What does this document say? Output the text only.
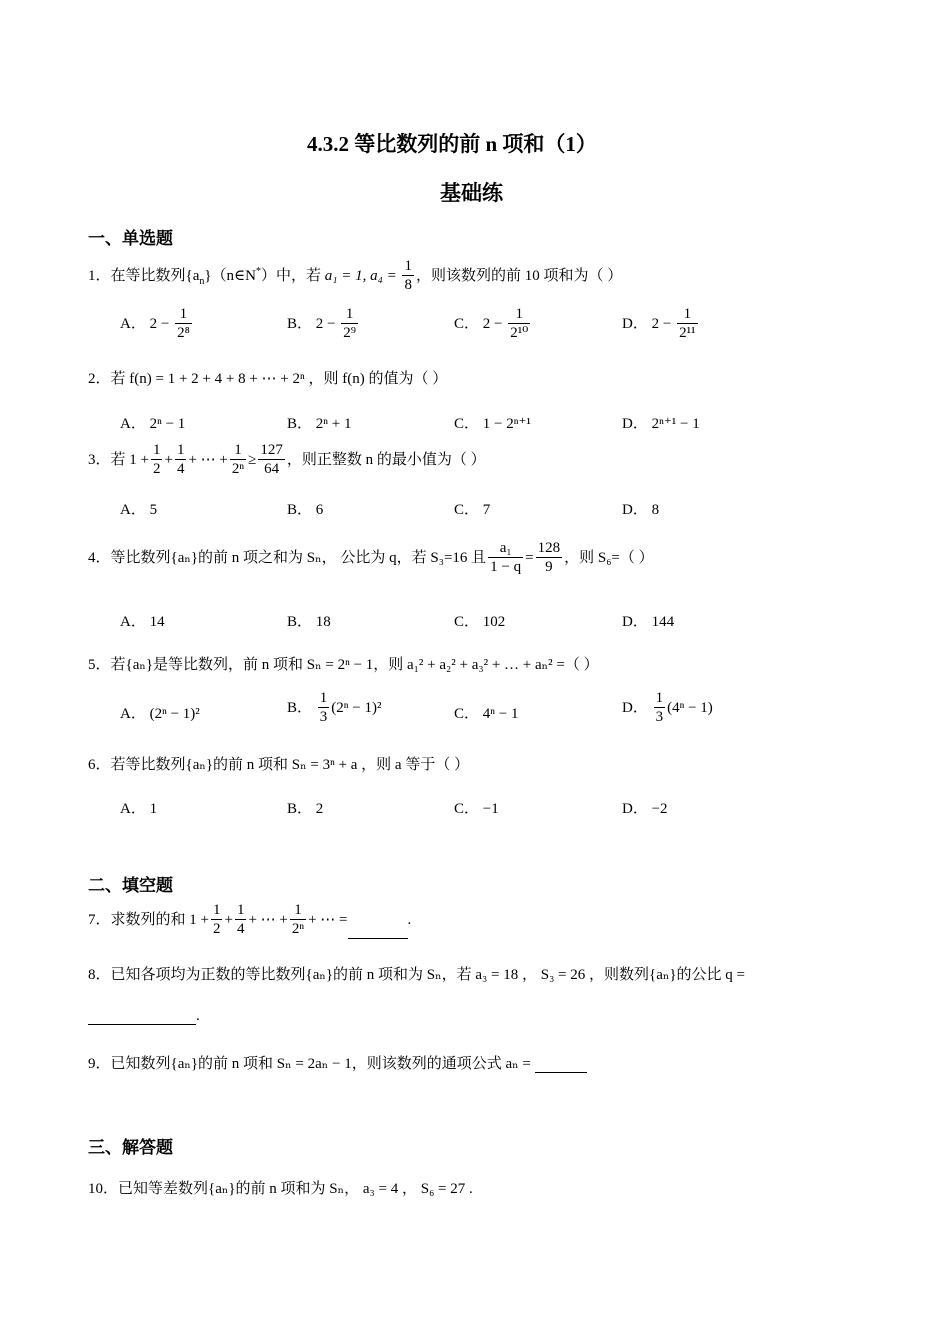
4.3.2 等比数列的前 n 项和（1）
基础练
一、单选题
1．在等比数列$\{a_n\}(n\in N^*)$中，若 a₁ = 1, $a_4 = \frac{1}{8}$ ，则该数列的前 10 项和为（ ）
A． $2 - \frac{1}{\text{2⁸}}$	B． $2 - \frac{1}{\text{2⁹}}$	C． $2 - \frac{1}{\text{2¹⁰}}$	D． $2 - \frac{1}{\text{2¹¹}}$
2．若 f(n) = 1 + 2 + 4 + 8 + ⋯ + 2ⁿ ，则 f(n) 的值为（ ）
A． 2ⁿ − 1	B． 2ⁿ + 1	C． 1 − 2ⁿ⁺¹	D． 2ⁿ⁺¹ − 1
3．若 $1 + \frac{1}{2} + \frac{1}{4}$ + ⋯ + $\frac{1}{\text{2ⁿ}} \ge \frac{127}{64}$ ，则正整数 n 的最小值为（ ）
A． 5	B． 6	C． 7	D． 8
4．等比数列{aₙ}的前 n 项之和为 Sₙ， 公比为 q，若 S₃=16 且 $\frac{\text{a₁}}{1 - q} = \frac{128}{9}$ ，则 S₆=（ ）
A． 14	B． 18	C． 102	D． 144
5．若{aₙ}是等比数列，前 n 项和 Sₙ = 2ⁿ − 1，则 a₁² + a₂² + a₃² + … + aₙ² =（ ）
A． (2ⁿ − 1)²	B． $\frac{1}{3} (2^n - 1)^2$	C． 4ⁿ − 1	D． $\frac{1}{3} (4^n - 1)$
6．若等比数列{aₙ}的前 n 项和 Sₙ = 3ⁿ + a ，则 a 等于（ ）
A． 1	B． 2	C． −1	D． −2
二、填空题
7．求数列的和 $1 + \frac{1}{2} + \frac{1}{4}$ + ⋯ + $\frac{1}{\text{2ⁿ}}$ + ⋯ =	.
8．已知各项均为正数的等比数列{aₙ}的前 n 项和为 Sₙ，若 a₃ = 18 ， S₃ = 26 ，则数列{aₙ}的公比 q =
.
9．已知数列{aₙ}的前 n 项和 Sₙ = 2aₙ − 1，则该数列的通项公式 aₙ =
三、解答题
10．已知等差数列{aₙ}的前 n 项和为 Sₙ， a₃ = 4 ， S₆ = 27 .
